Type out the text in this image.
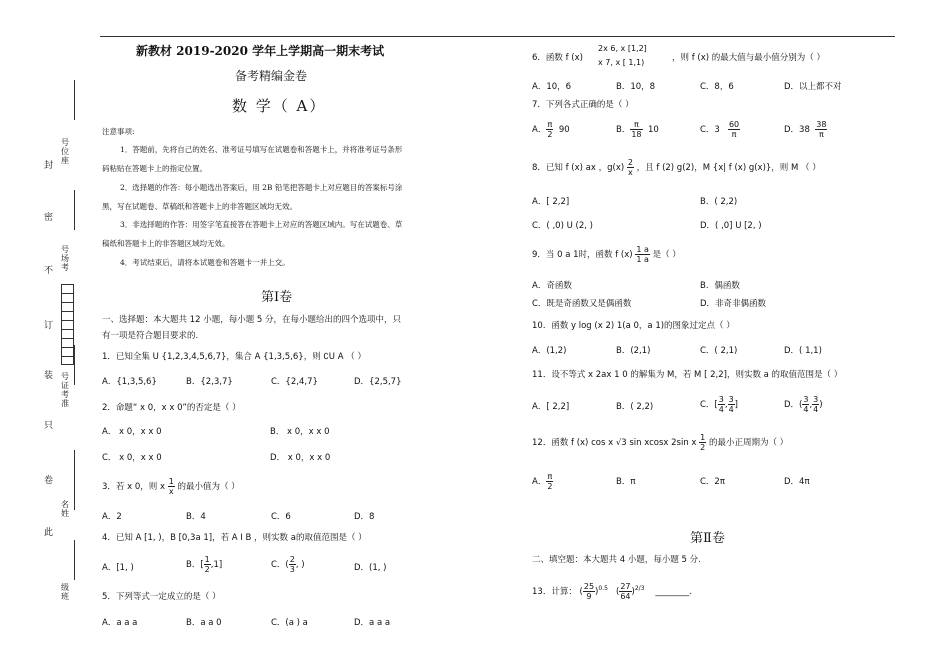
封
密
不
订
装
只
卷
此
号位座
号场考
号证考准
名姓
级班
新教材 2019-2020 学年上学期高一期末考试
备考精编金卷
数 学（ A）
注意事项:
1．答题前，先将自己的姓名、准考证号填写在试题卷和答题卡上，并将准考证号条形
码粘贴在答题卡上的指定位置。
2．选择题的作答：每小题选出答案后，用 2B 铅笔把答题卡上对应题目的答案标号涂
黑，写在试题卷、草稿纸和答题卡上的非答题区域均无效。
3．非选择题的作答：用签字笔直接答在答题卡上对应的答题区域内。写在试题卷、草
稿纸和答题卡上的非答题区域均无效。
4．考试结束后，请将本试题卷和答题卡一并上交。
第Ⅰ卷
一、选择题：本大题共 12 小题，每小题 5 分，在每小题给出的四个选项中，只
有一项是符合题目要求的.
1．已知全集 U {1,2,3,4,5,6,7}，集合 A {1,3,5,6}，则 ∁U A （ ）
A．{1,3,5,6}	B．{2,3,7}	C．{2,4,7}	D．{2,5,7}
2．命题“ x 0，x x 0”的否定是（ ）
A． x 0，x x 0	B． x 0，x x 0
C． x 0，x x 0	D． x 0，x x 0
3．若 x 0，则 x $\frac{1}{x}$ 的最小值为（ ）
A．2	B．4	C．6	D．8
4．已知 A [1, )，B [0,3a 1]，若 A I B ，则实数 a的取值范围是（ ）
A．[1, )	B．[ $\frac{1}{2} ,1$]	C．( $\frac{2}{3}$ , )	D．(1, )
5．下列等式一定成立的是（ ）
A．a a a	B．a a 0	C．(a ) a	D．a a a
6．函数 f (x)
2x 6, x [1,2]
x 7, x [ 1,1)	，则 f (x) 的最大值与最小值分别为（ ）
A．10，6	B．10，8	C．8，6	D．以上都不对
7．下列各式正确的是（ ）
A． $\frac{\pi}{2} 90$	B． $\frac{\pi}{18} 10$	C．$3 \frac{60}{\pi}$	D．$38 \frac{38}{\pi}$
8．已知 f (x) ax ，$g(x) \frac{2}{x}$ ，且 f (2) g(2)，M {x| f (x) g(x)}，则 M （ ）
A．[ 2,2]	B．( 2,2)
C．( ,0) U (2, )	D．( ,0] U [2, )
9．当 0 a 1时，函数 f $(x) \frac{1 a}{1 a}$ 是（ ）
A．奇函数	B．偶函数
C．既是奇函数又是偶函数	D．非奇非偶函数
10．函数 y log (x 2) 1(a 0，a 1)的图象过定点（ ）
A．(1,2)	B．(2,1)	C．( 2,1)	D．( 1,1)
11．设不等式 x 2ax 1 0 的解集为 M，若 M [ 2,2]，则实数 a 的取值范围是（ ）
A．[ 2,2]	B．( 2,2)	C．[ $\frac{3}{4}$ , $\frac{3}{4}$ ]	D．( $\frac{3}{4}$ , $\frac{3}{4}$ )
12．函数 f (x) cos x √3 sin xcosx 2sin x $\frac{1}{2}$ 的最小正周期为（ ）
A． $\frac{\pi}{2}$	B．π	C．2π	D．4π
第Ⅱ卷
二、填空题：本大题共 4 小题，每小题 5 分.
13．计算： ( $\frac{25}{9} )^{0.5}$   ( $\frac{27}{64} )^{2/3}$ ________.
